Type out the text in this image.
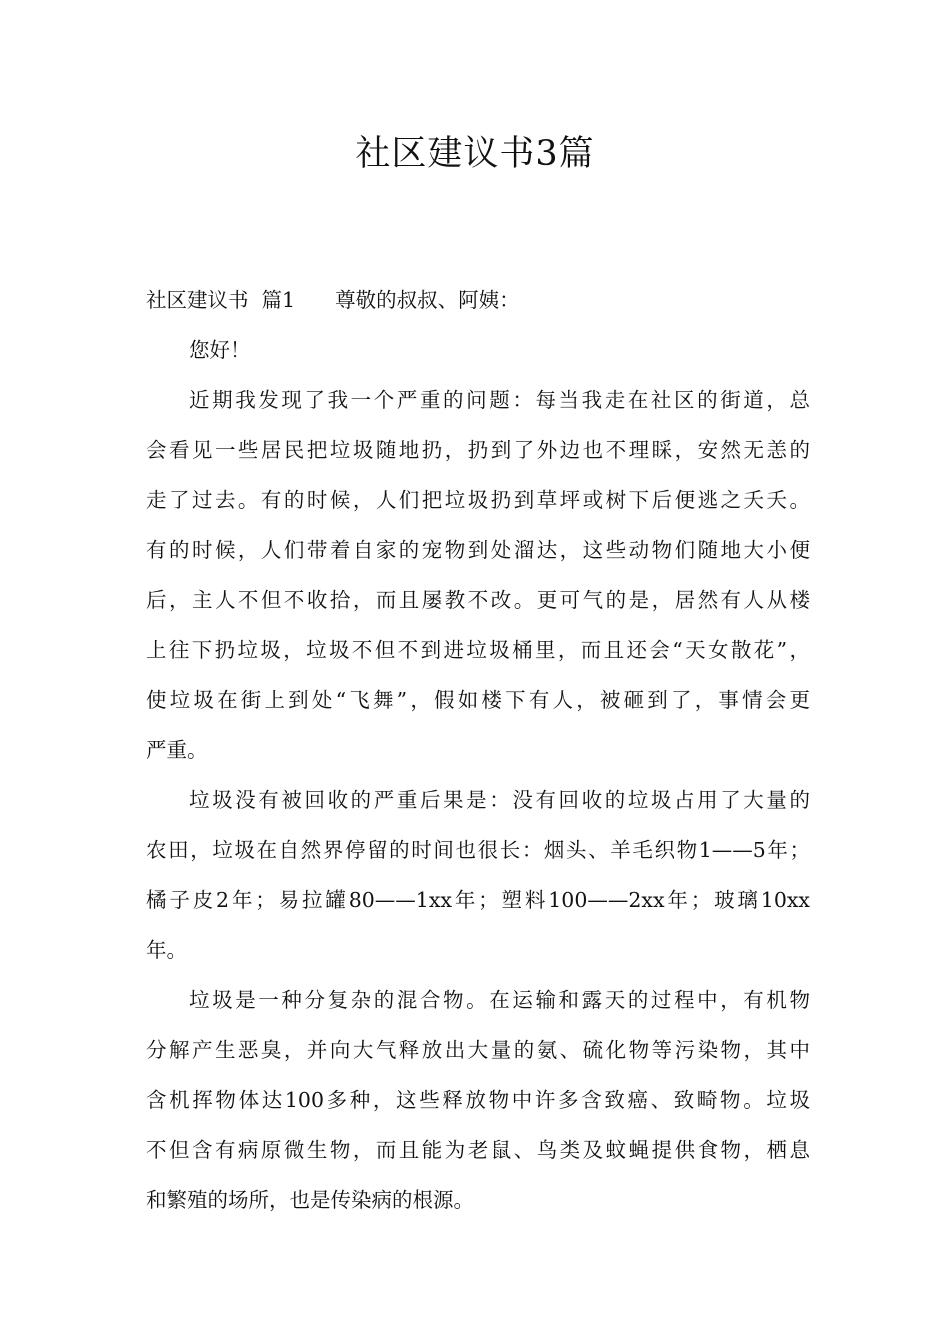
社区建议书3篇
社区建议书  篇1 尊敬的叔叔、阿姨：
您好！
近期我发现了我一个严重的问题：每当我走在社区的街道，总
会看见一些居民把垃圾随地扔，扔到了外边也不理睬，安然无恙的
走了过去。有的时候，人们把垃圾扔到草坪或树下后便逃之夭夭。
有的时候，人们带着自家的宠物到处溜达，这些动物们随地大小便
后，主人不但不收拾，而且屡教不改。更可气的是，居然有人从楼
上往下扔垃圾，垃圾不但不到进垃圾桶里，而且还会“天女散花”，
使垃圾在街上到处“飞舞”，假如楼下有人，被砸到了，事情会更
严重。
垃圾没有被回收的严重后果是：没有回收的垃圾占用了大量的
农田，垃圾在自然界停留的时间也很长：烟头、羊毛织物1——5年；
橘子皮2年；易拉罐80——1xx年；塑料100——2xx年；玻璃10xx
年。
垃圾是一种分复杂的混合物。在运输和露天的过程中，有机物
分解产生恶臭，并向大气释放出大量的氨、硫化物等污染物，其中
含机挥物体达100多种，这些释放物中许多含致癌、致畸物。垃圾
不但含有病原微生物，而且能为老鼠、鸟类及蚊蝇提供食物，栖息
和繁殖的场所，也是传染病的根源。
